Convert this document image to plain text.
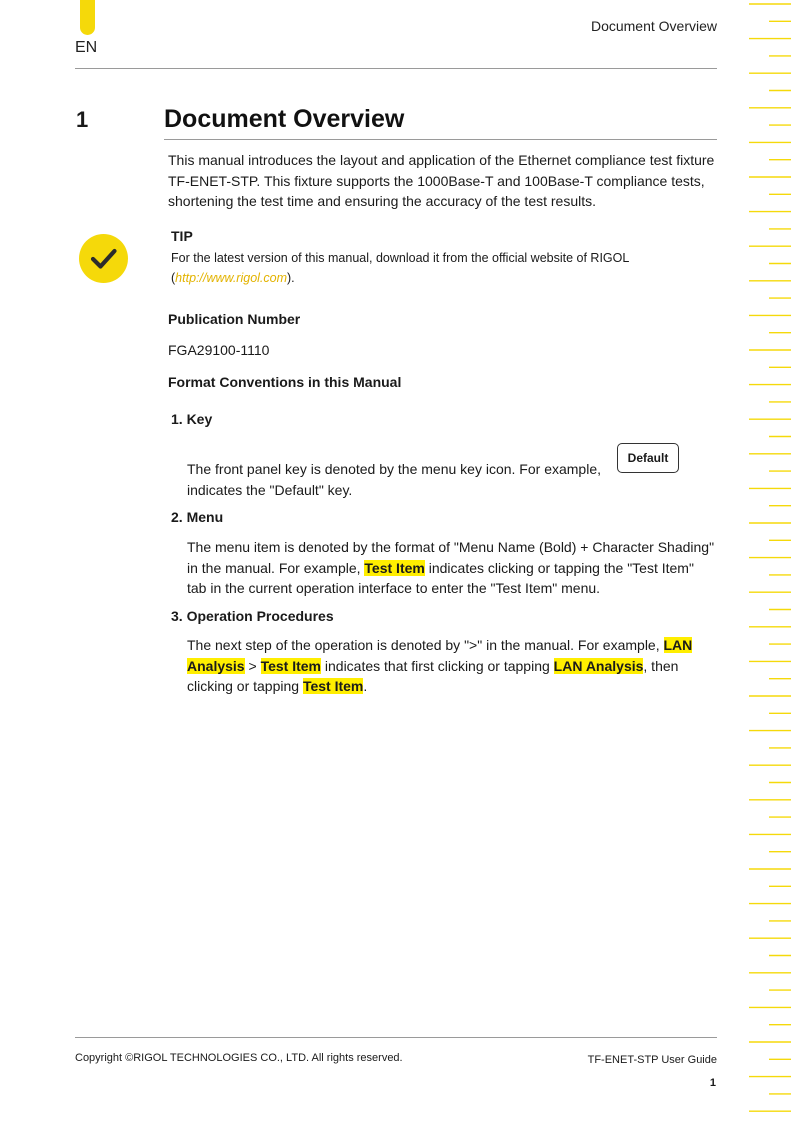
EN
Document Overview
1	Document Overview
This manual introduces the layout and application of the Ethernet compliance test fixture TF-ENET-STP. This fixture supports the 1000Base-T and 100Base-T compliance tests, shortening the test time and ensuring the accuracy of the test results.
TIP
For the latest version of this manual, download it from the official website of RIGOL (http://www.rigol.com).
Publication Number
FGA29100-1110
Format Conventions in this Manual
1. Key
Default
The front panel key is denoted by the menu key icon. For example,
indicates the "Default" key.
2. Menu
The menu item is denoted by the format of "Menu Name (Bold) + Character Shading" in the manual. For example, Test Item indicates clicking or tapping the "Test Item" tab in the current operation interface to enter the "Test Item" menu.
3. Operation Procedures
The next step of the operation is denoted by ">" in the manual. For example, LAN Analysis > Test Item indicates that first clicking or tapping LAN Analysis, then clicking or tapping Test Item.
Copyright ©RIGOL TECHNOLOGIES CO., LTD. All rights reserved.	TF-ENET-STP User Guide
1
